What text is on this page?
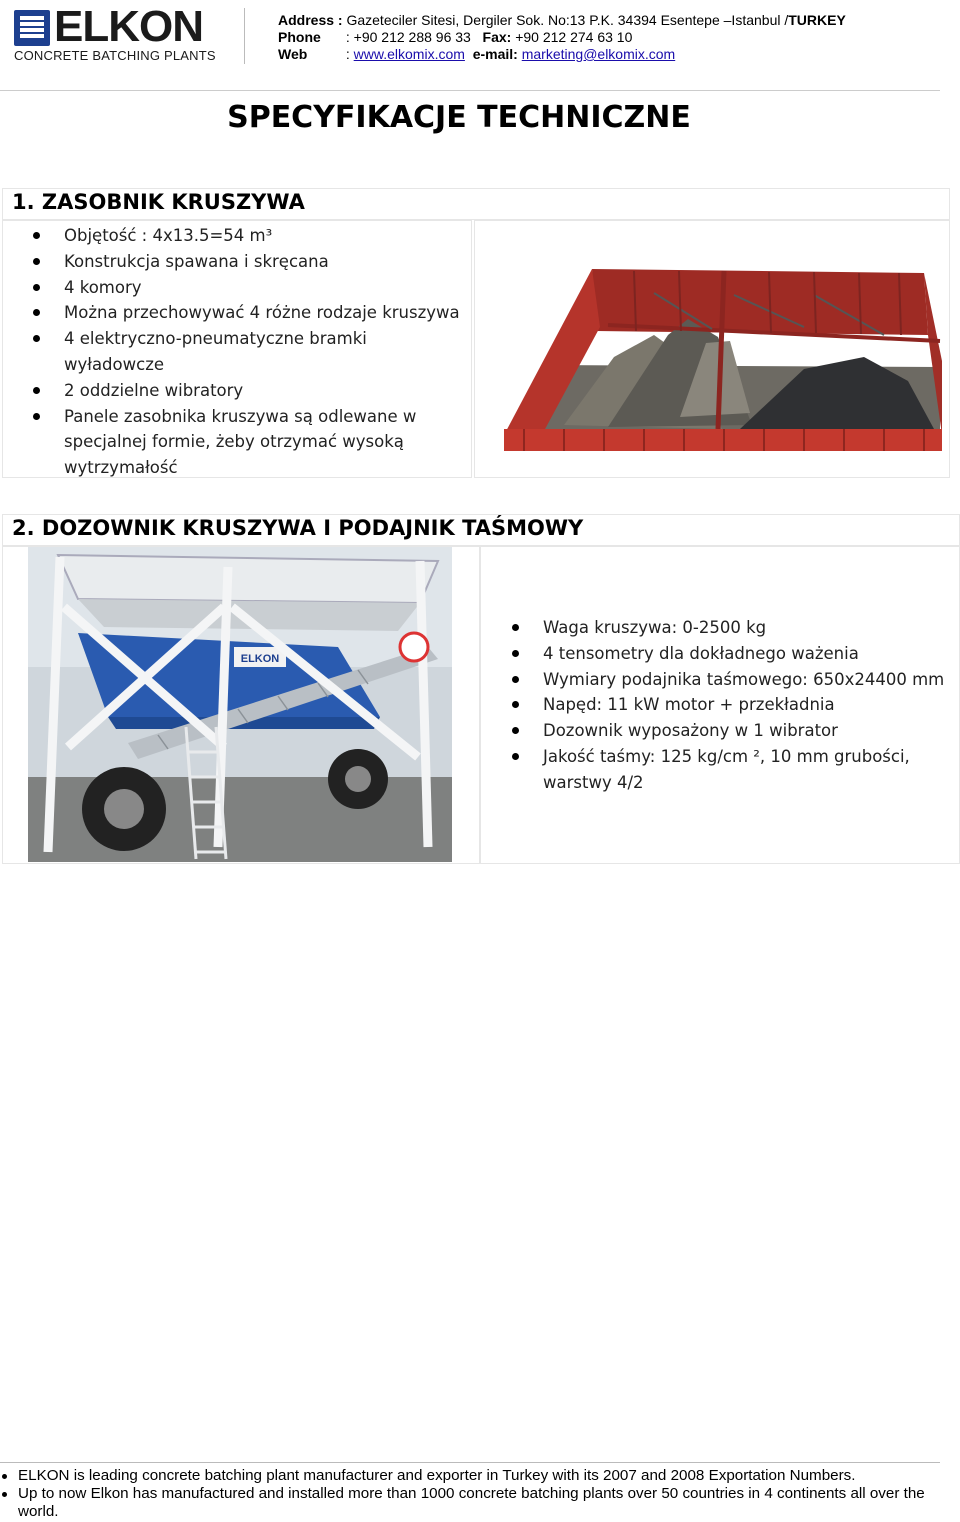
ELKON
CONCRETE BATCHING PLANTS
Address : Gazeteciler Sitesi, Dergiler Sok. No:13 P.K. 34394 Esentepe –Istanbul /TURKEY
Phone : +90 212 288 96 33 Fax: +90 212 274 63 10
Web	: www.elkomix.com e-mail: marketing@elkomix.com
SPECYFIKACJE TECHNICZNE
1. ZASOBNIK KRUSZYWA
Objętość : 4x13.5=54 m³
Konstrukcja spawana i skręcana
4 komory
Można przechowywać 4 różne rodzaje kruszywa
4 elektryczno-pneumatyczne bramki wyładowcze
2 oddzielne wibratory
Panele zasobnika kruszywa są odlewane w specjalnej formie, żeby otrzymać wysoką wytrzymałość
2. DOZOWNIK KRUSZYWA I PODAJNIK TAŚMOWY
ELKON
Waga kruszywa: 0-2500 kg
4 tensometry dla dokładnego ważenia
Wymiary podajnika taśmowego: 650x24400 mm
Napęd: 11 kW motor + przekładnia
Dozownik wyposażony w 1 wibrator
Jakość taśmy: 125 kg/cm ², 10 mm grubości, warstwy 4/2
ELKON is leading concrete batching plant manufacturer and exporter in Turkey with its 2007 and 2008 Exportation Numbers.
Up to now Elkon has manufactured and installed more than 1000 concrete batching plants over 50 countries in 4 continents all over the world.
